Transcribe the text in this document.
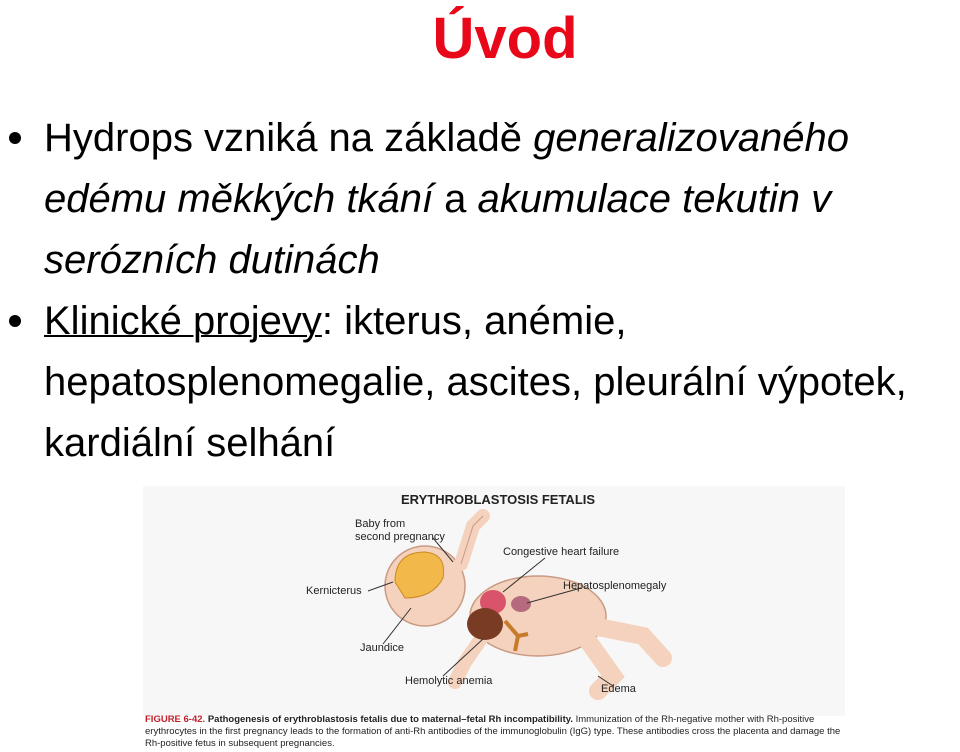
Úvod
Hydrops vzniká na základě generalizovaného edému měkkých tkání a akumulace tekutin v serózních dutinách
Klinické projevy: ikterus, anémie, hepatosplenomegalie, ascites, pleurální výpotek, kardiální selhání
ERYTHROBLASTOSIS FETALIS
Baby from
second pregnancy
Congestive heart failure
Kernicterus	Hepatosplenomegaly
Jaundice
Hemolytic anemia
Edema
FIGURE 6-42. Pathogenesis of erythroblastosis fetalis due to maternal–fetal Rh incompatibility. Immunization of the Rh-negative mother with Rh-positive erythrocytes in the first pregnancy leads to the formation of anti-Rh antibodies of the immunoglobulin (IgG) type. These antibodies cross the placenta and damage the Rh-positive fetus in subsequent pregnancies.
